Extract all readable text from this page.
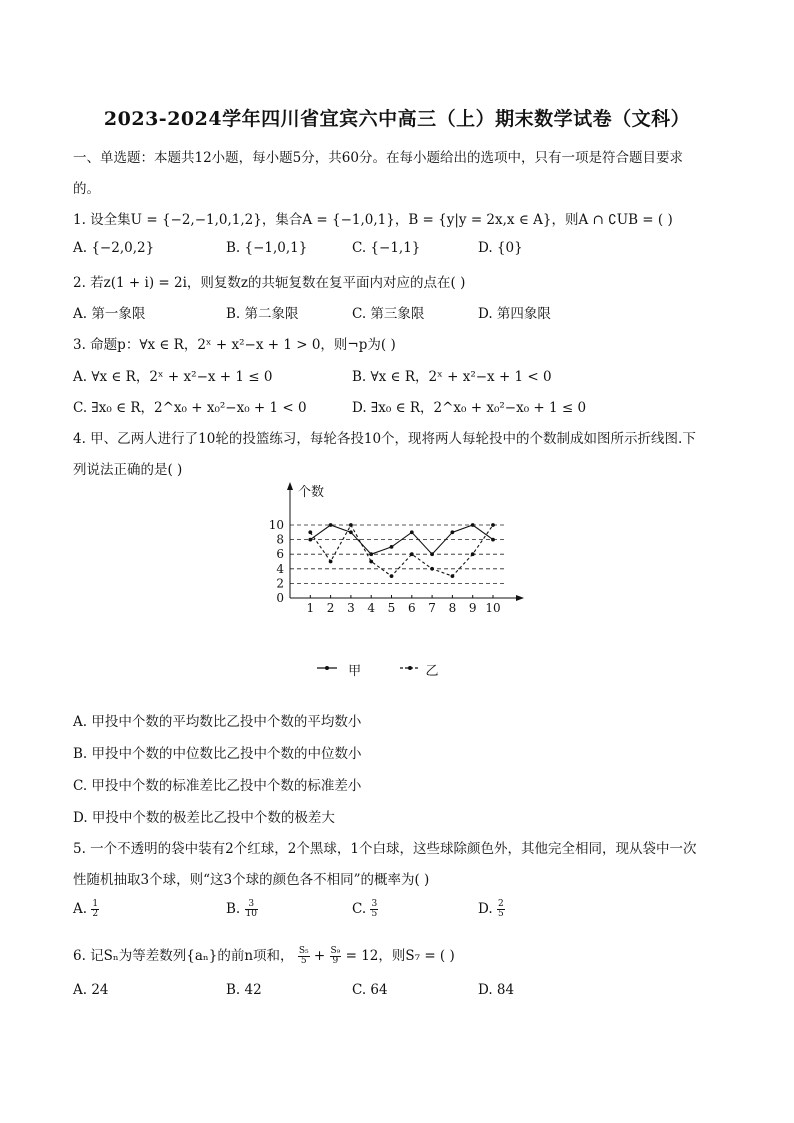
2023-2024学年四川省宜宾六中高三（上）期末数学试卷（文科）
一、单选题：本题共12小题，每小题5分，共60分。在每小题给出的选项中，只有一项是符合题目要求
的。
1. 设全集U = {−2,−1,0,1,2}，集合A = {−1,0,1}，B = {y|y = 2x,x ∈ A}，则A ∩ ∁UB = ( )
A. {−2,0,2}	B. {−1,0,1}	C. {−1,1}	D. {0}
2. 若z(1 + i) = 2i，则复数z的共轭复数在复平面内对应的点在( )
A. 第一象限	B. 第二象限	C. 第三象限	D. 第四象限
3. 命题p：∀x ∈ R，2ˣ + x²−x + 1 > 0，则¬p为( )
A. ∀x ∈ R，2ˣ + x²−x + 1 ≤ 0	B. ∀x ∈ R，2ˣ + x²−x + 1 < 0
C. ∃x₀ ∈ R，2^x₀ + x₀²−x₀ + 1 < 0	D. ∃x₀ ∈ R，2^x₀ + x₀²−x₀ + 1 ≤ 0
4. 甲、乙两人进行了10轮的投篮练习，每轮各投10个，现将两人每轮投中的个数制成如图所示折线图.下
列说法正确的是( )
个数
0
2
4
6
8
10
1 2 3 4 5 6 7 8 9 10
甲	乙
A. 甲投中个数的平均数比乙投中个数的平均数小
B. 甲投中个数的中位数比乙投中个数的中位数小
C. 甲投中个数的标准差比乙投中个数的标准差小
D. 甲投中个数的极差比乙投中个数的极差大
5. 一个不透明的袋中装有2个红球，2个黑球，1个白球，这些球除颜色外，其他完全相同，现从袋中一次
性随机抽取3个球，则“这3个球的颜色各不相同”的概率为( )
A. $\frac{1}{2}$	B. $\frac{3}{10}$	C. $\frac{3}{5}$	D. $\frac{2}{5}$
6. 记Sₙ为等差数列{aₙ}的前n项和， $\frac{\text{S₅}}{5} + \frac{\text{S₉}}{9} = 12$，则S₇ = ( )
A. 24	B. 42	C. 64	D. 84
